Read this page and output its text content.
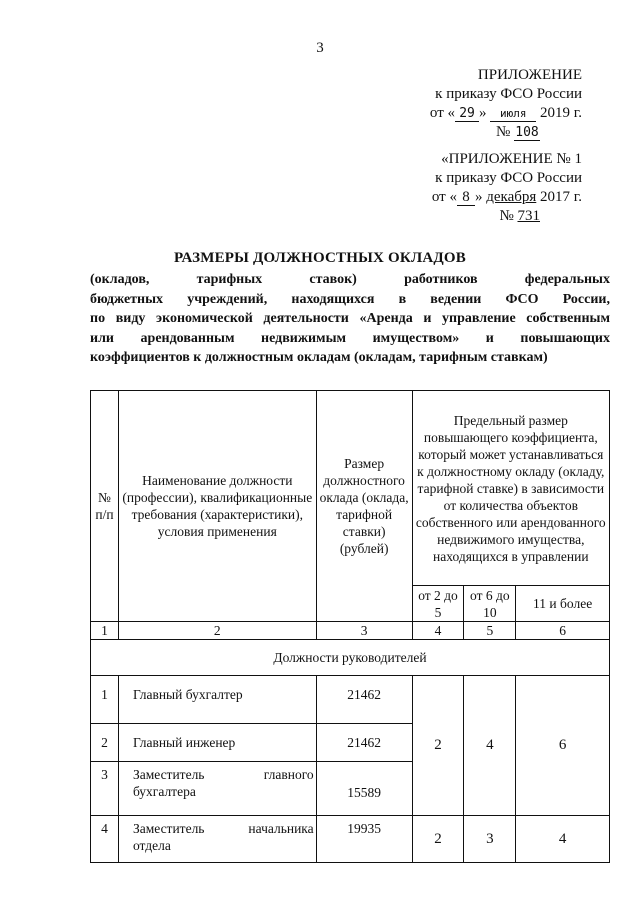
3
ПРИЛОЖЕНИЕ
к приказу ФСО России
от « 29 » июля 2019 г.
№ 108
«ПРИЛОЖЕНИЕ № 1
к приказу ФСО России
от « 8 » декабря 2017 г.
№ 731
РАЗМЕРЫ ДОЛЖНОСТНЫХ ОКЛАДОВ
(окладов,	тарифных	ставок)	работников	федеральных
бюджетных учреждений, находящихся в ведении ФСО России,
по виду экономической деятельности «Аренда и управление собственным
или арендованным недвижимым имуществом» и повышающих
коэффициентов к должностным окладам (окладам, тарифным ставкам)
№ п/п	Наименование должности (профессии), квалификационные требования (характеристики), условия применения	Размер должностного оклада (оклада, тарифной ставки) (рублей)	Предельный размер повышающего коэффициента, который может устанавливаться к должностному окладу (окладу, тарифной ставке) в зависимости от количества объектов собственного или арендованного недвижимого имущества, находящихся в управлении		
			от 2 до 5	от 6 до 10	11 и более
1	2	3	4	5	6
Должности руководителей					
1	Главный бухгалтер	21462	2	4	6
2	Главный инженер	21462			
3	Заместитель главного
бухгалтера	15589			
4	Заместитель начальника
отдела	19935	2	3	4
